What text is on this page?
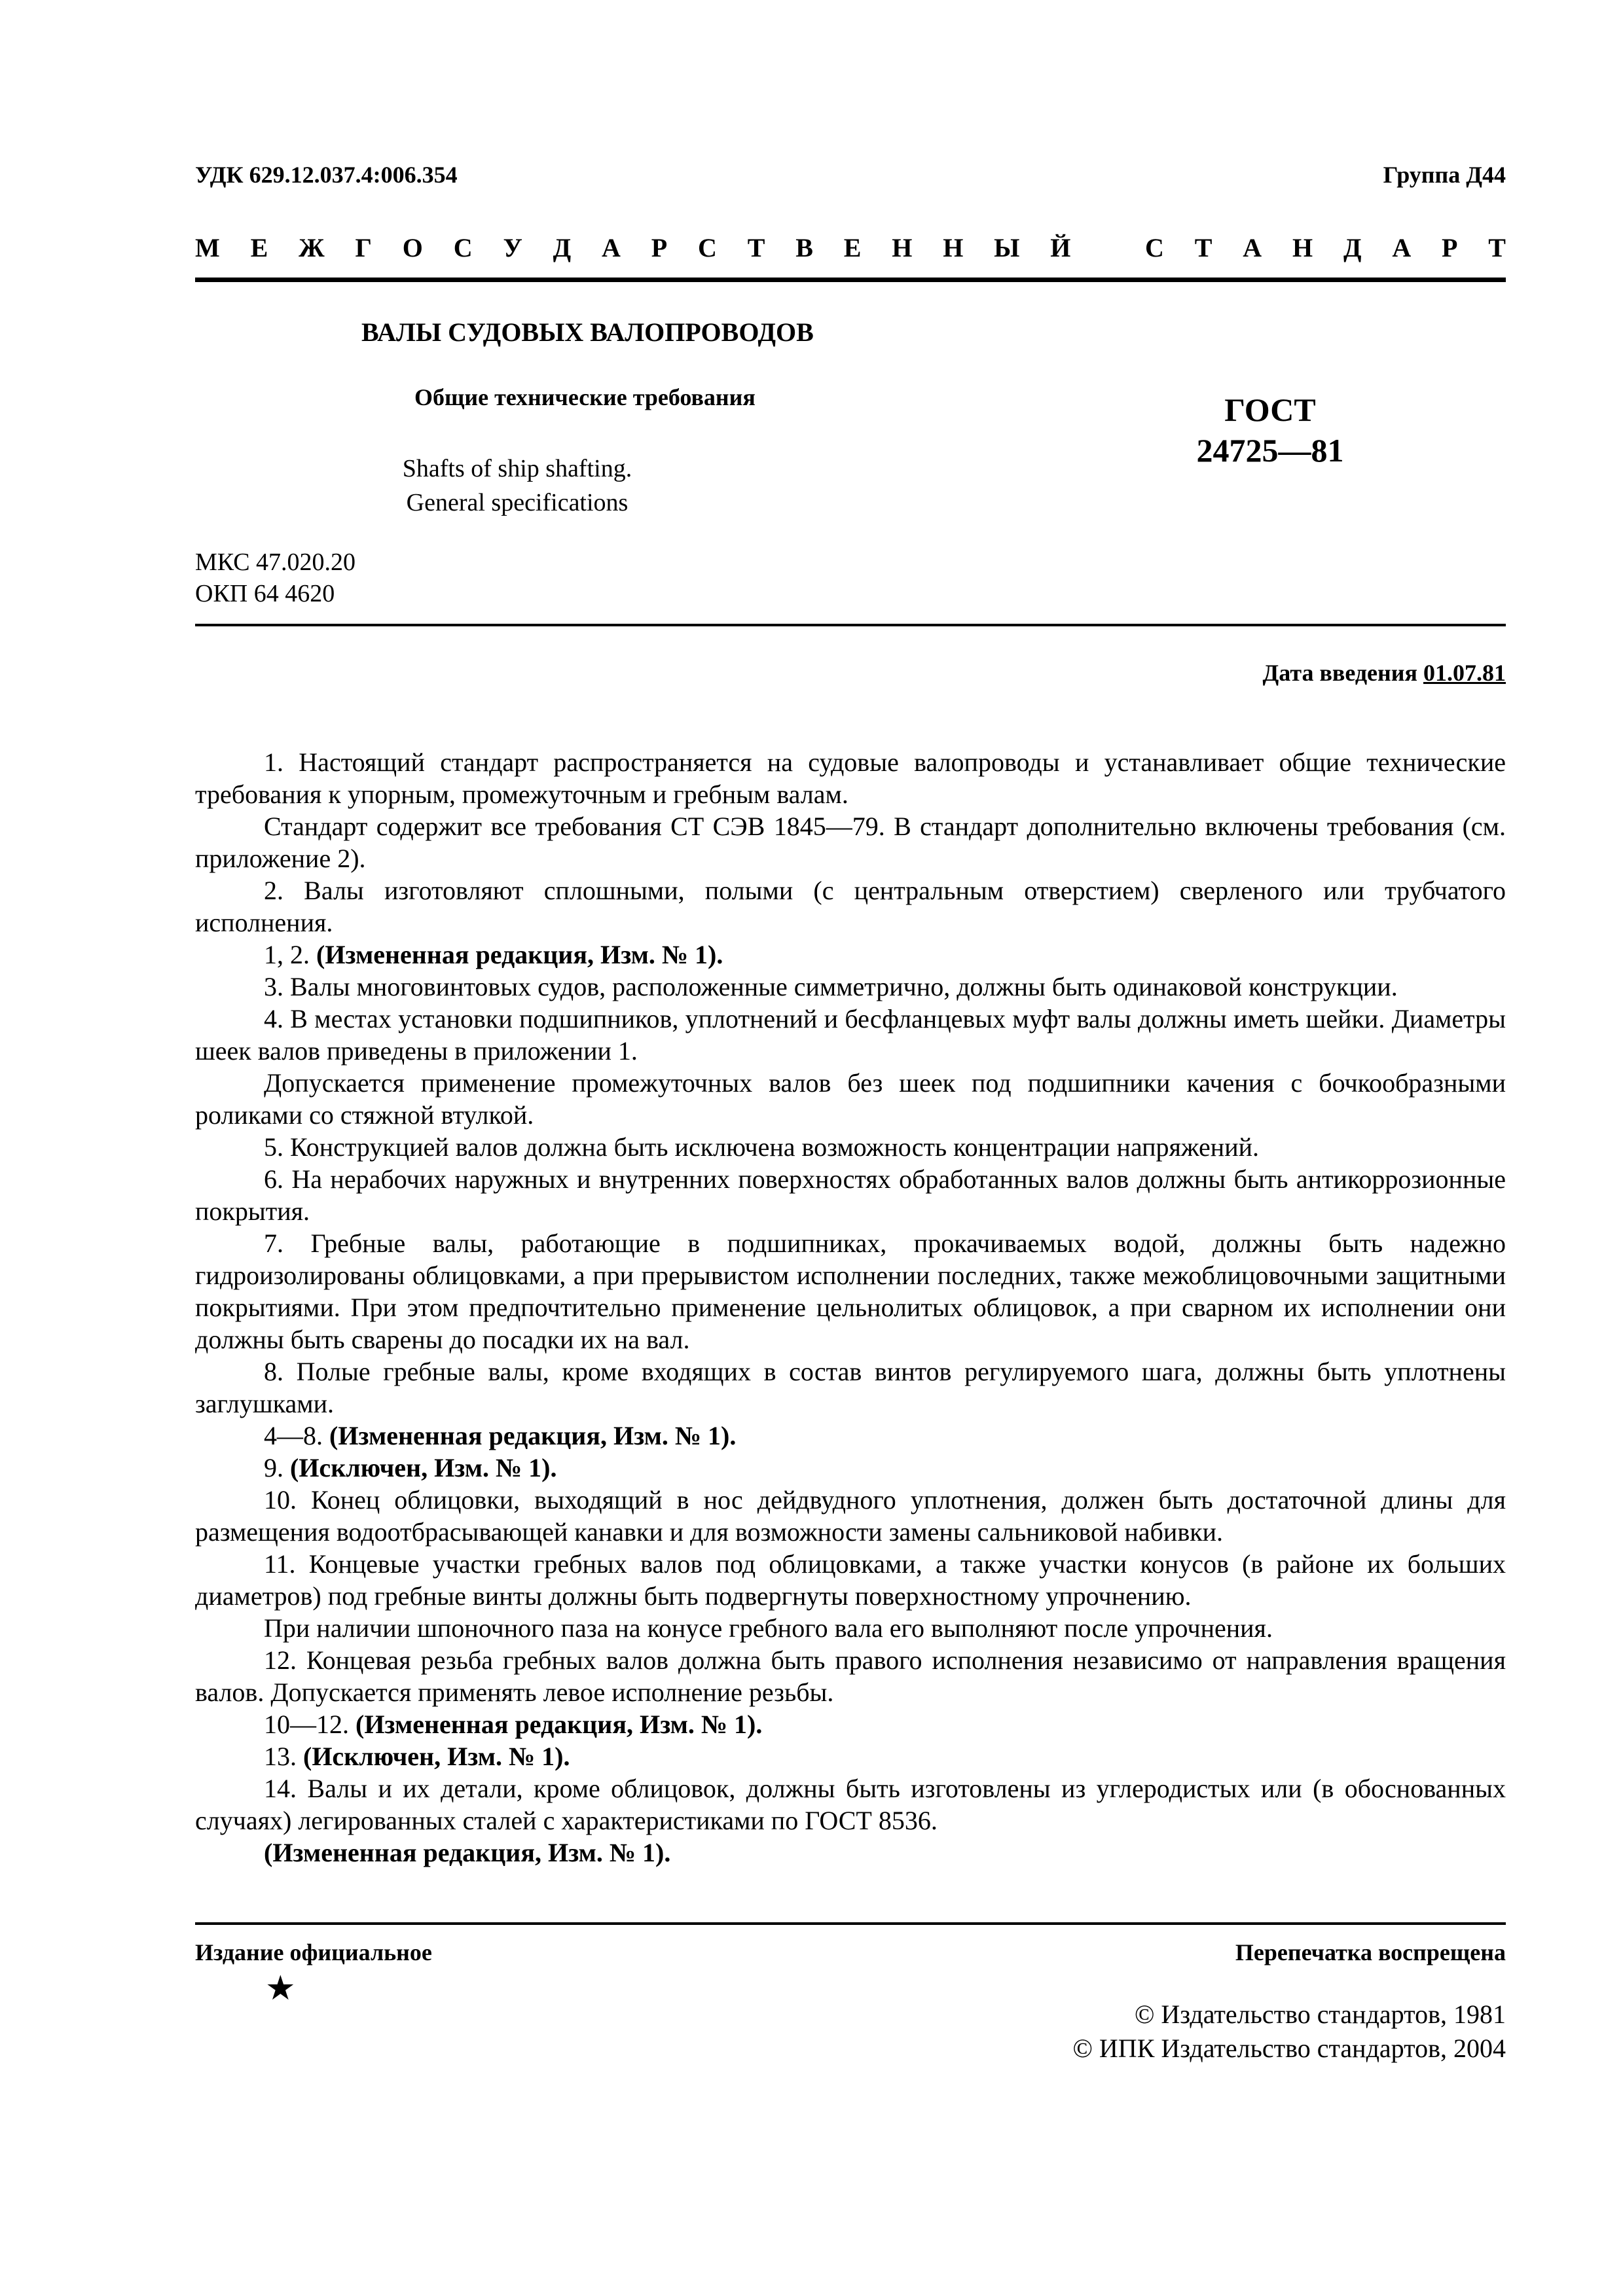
УДК 629.12.037.4:006.354	Группа Д44
М Е Ж Г О С У Д А Р С Т В Е Н Н Ы Й	С Т А Н Д А Р Т
ВАЛЫ СУДОВЫХ ВАЛОПРОВОДОВ
Общие технические требования
Shafts of ship shafting.
General specifications
ГОСТ
24725—81
МКС 47.020.20
ОКП 64 4620
Дата введения 01.07.81

1. Настоящий стандарт распространяется на судовые валопроводы и устанавливает общие технические требования к упорным, промежуточным и гребным валам.

Стандарт содержит все требования СТ СЭВ 1845—79. В стандарт дополнительно включены требования (см. приложение 2).

2. Валы изготовляют сплошными, полыми (с центральным отверстием) сверленого или трубчатого исполнения.

1, 2. (Измененная редакция, Изм. № 1).

3. Валы многовинтовых судов, расположенные симметрично, должны быть одинаковой конструкции.

4. В местах установки подшипников, уплотнений и бесфланцевых муфт валы должны иметь шейки. Диаметры шеек валов приведены в приложении 1.

Допускается применение промежуточных валов без шеек под подшипники качения с бочкообразными роликами со стяжной втулкой.

5. Конструкцией валов должна быть исключена возможность концентрации напряжений.

6. На нерабочих наружных и внутренних поверхностях обработанных валов должны быть антикоррозионные покрытия.

7. Гребные валы, работающие в подшипниках, прокачиваемых водой, должны быть надежно гидроизолированы облицовками, а при прерывистом исполнении последних, также межоблицовочными защитными покрытиями. При этом предпочтительно применение цельнолитых облицовок, а при сварном их исполнении они должны быть сварены до посадки их на вал.

8. Полые гребные валы, кроме входящих в состав винтов регулируемого шага, должны быть уплотнены заглушками.

4—8. (Измененная редакция, Изм. № 1).

9. (Исключен, Изм. № 1).

10. Конец облицовки, выходящий в нос дейдвудного уплотнения, должен быть достаточной длины для размещения водоотбрасывающей канавки и для возможности замены сальниковой набивки.

11. Концевые участки гребных валов под облицовками, а также участки конусов (в районе их больших диаметров) под гребные винты должны быть подвергнуты поверхностному упрочнению.

При наличии шпоночного паза на конусе гребного вала его выполняют после упрочнения.

12. Концевая резьба гребных валов должна быть правого исполнения независимо от направления вращения валов. Допускается применять левое исполнение резьбы.

10—12. (Измененная редакция, Изм. № 1).

13. (Исключен, Изм. № 1).

14. Валы и их детали, кроме облицовок, должны быть изготовлены из углеродистых или (в обоснованных случаях) легированных сталей с характеристиками по ГОСТ 8536.

(Измененная редакция, Изм. № 1).

Издание официальное	Перепечатка воспрещена
★
© Издательство стандартов, 1981
© ИПК Издательство стандартов, 2004
